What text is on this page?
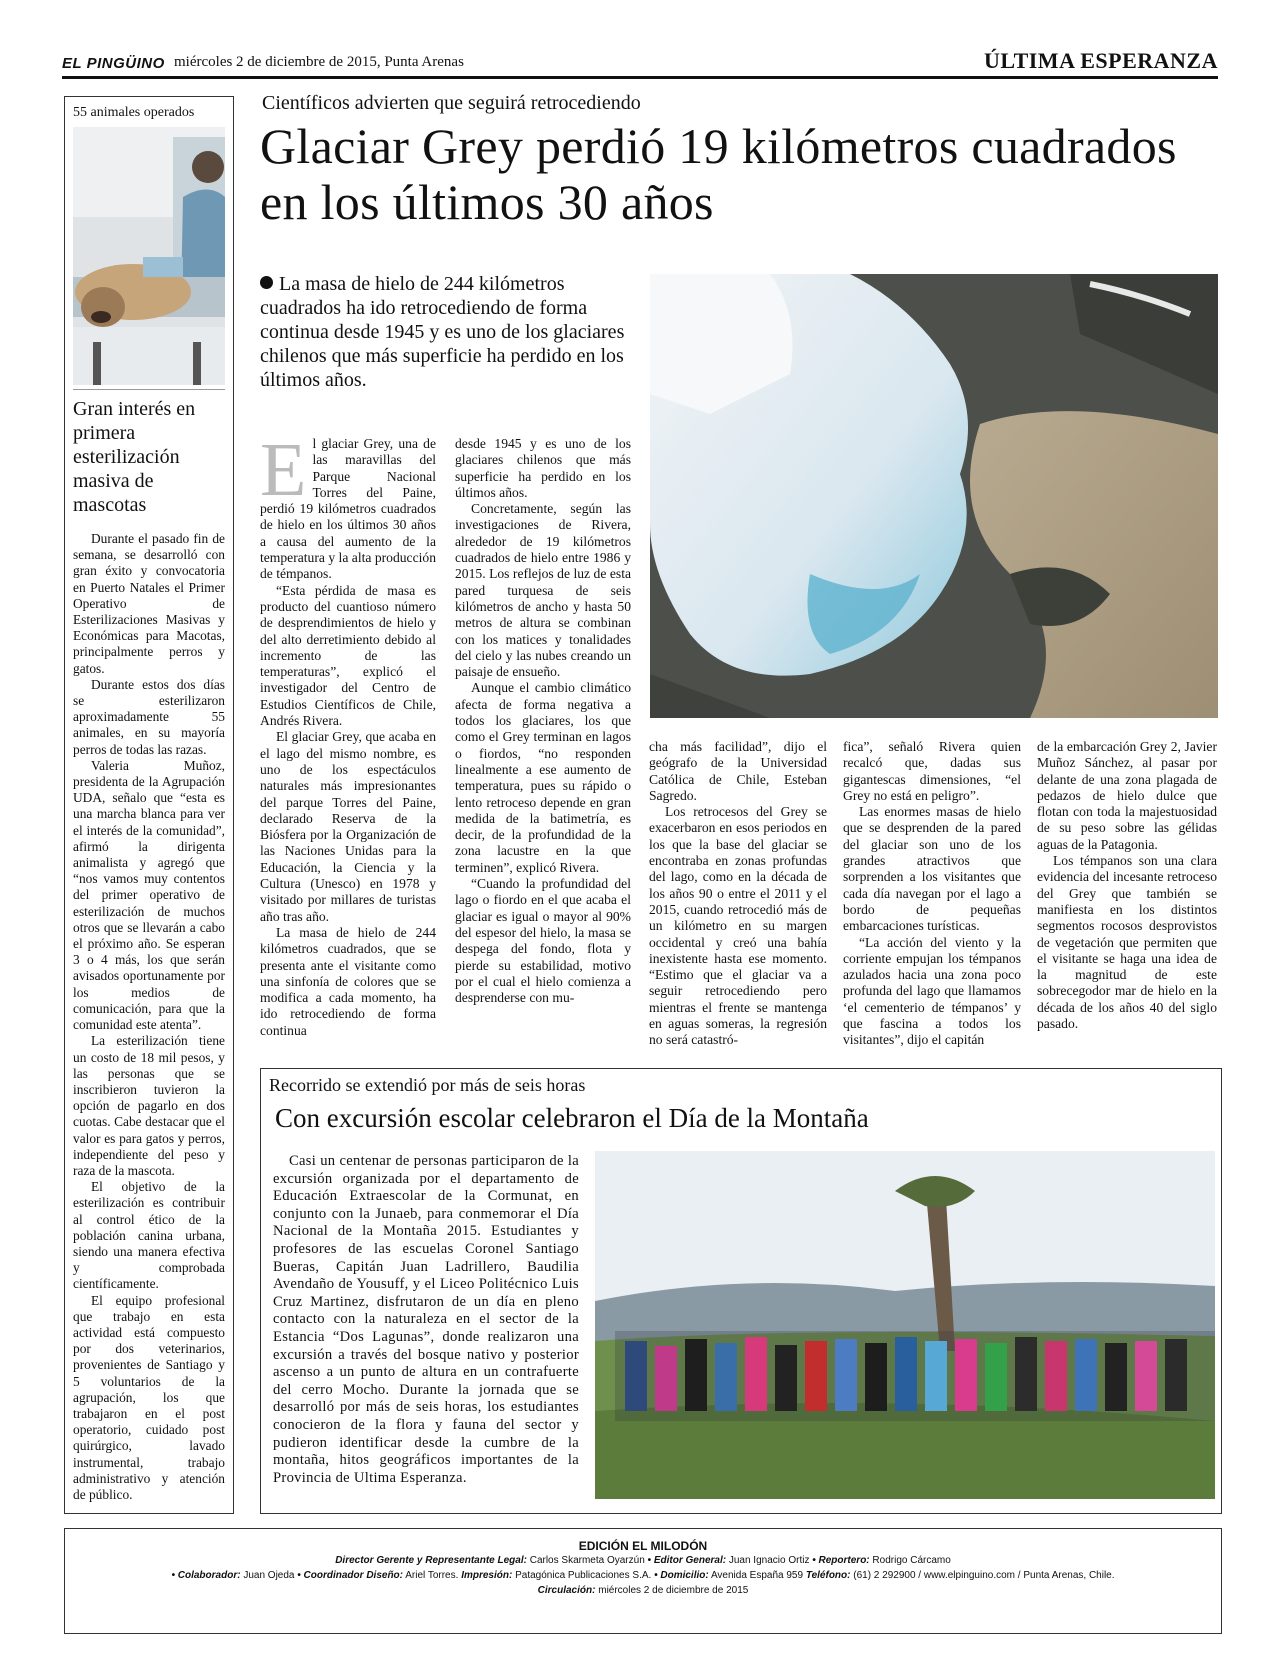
EL PINGÜINO miércoles 2 de diciembre de 2015, Punta Arenas	ÚLTIMA ESPERANZA
55 animales operados
Gran interés en primera esterilización masiva de mascotas

Durante el pasado fin de semana, se desarrolló con gran éxito y convocatoria en Puerto Natales el Primer Operativo de Esterilizaciones Masivas y Económicas para Macotas, principalmente perros y gatos.

Durante estos dos días se esterilizaron aproximadamente 55 animales, en su mayoría perros de todas las razas.

Valeria Muñoz, presidenta de la Agrupación UDA, señalo que “esta es una marcha blanca para ver el interés de la comunidad”, afirmó la dirigenta animalista y agregó que “nos vamos muy contentos del primer operativo de esterilización de muchos otros que se llevarán a cabo el próximo año. Se esperan 3 o 4 más, los que serán avisados oportunamente por los medios de comunicación, para que la comunidad este atenta”.

La esterilización tiene un costo de 18 mil pesos, y las personas que se inscribieron tuvieron la opción de pagarlo en dos cuotas. Cabe destacar que el valor es para gatos y perros, independiente del peso y raza de la mascota.

El objetivo de la esterilización es contribuir al control ético de la población canina urbana, siendo una manera efectiva y comprobada científicamente.

El equipo profesional que trabajo en esta actividad está compuesto por dos veterinarios, provenientes de Santiago y 5 voluntarios de la agrupación, los que trabajaron en el post operatorio, cuidado post quirúrgico, lavado instrumental, trabajo administrativo y atención de público.

Científicos advierten que seguirá retrocediendo
Glaciar Grey perdió 19 kilómetros cuadrados en los últimos 30 años
La masa de hielo de 244 kilómetros cuadrados ha ido retrocediendo de forma continua desde 1945 y es uno de los glaciares chilenos que más superficie ha perdido en los últimos años.
E l glaciar Grey, una de las maravillas del Parque Nacional Torres del Paine, perdió 19 kilómetros cuadrados de hielo en los últimos 30 años a causa del aumento de la temperatura y la alta producción de témpanos.

“Esta pérdida de masa es producto del cuantioso número de desprendimientos de hielo y del alto derretimiento debido al incremento de las temperaturas”, explicó el investigador del Centro de Estudios Científicos de Chile, Andrés Rivera.

El glaciar Grey, que acaba en el lago del mismo nombre, es uno de los espectáculos naturales más impresionantes del parque Torres del Paine, declarado Reserva de la Biósfera por la Organización de las Naciones Unidas para la Educación, la Ciencia y la Cultura (Unesco) en 1978 y visitado por millares de turistas año tras año.

La masa de hielo de 244 kilómetros cuadrados, que se presenta ante el visitante como una sinfonía de colores que se modifica a cada momento, ha ido retrocediendo de forma continua

desde 1945 y es uno de los glaciares chilenos que más superficie ha perdido en los últimos años.

Concretamente, según las investigaciones de Rivera, alrededor de 19 kilómetros cuadrados de hielo entre 1986 y 2015. Los reflejos de luz de esta pared turquesa de seis kilómetros de ancho y hasta 50 metros de altura se combinan con los matices y tonalidades del cielo y las nubes creando un paisaje de ensueño.

Aunque el cambio climático afecta de forma negativa a todos los glaciares, los que como el Grey terminan en lagos o fiordos, “no responden linealmente a ese aumento de temperatura, pues su rápido o lento retroceso depende en gran medida de la batimetría, es decir, de la profundidad de la zona lacustre en la que terminen”, explicó Rivera.

“Cuando la profundidad del lago o fiordo en el que acaba el glaciar es igual o mayor al 90% del espesor del hielo, la masa se despega del fondo, flota y pierde su estabilidad, motivo por el cual el hielo comienza a desprenderse con mu-

cha más facilidad”, dijo el geógrafo de la Universidad Católica de Chile, Esteban Sagredo.

Los retrocesos del Grey se exacerbaron en esos periodos en los que la base del glaciar se encontraba en zonas profundas del lago, como en la década de los años 90 o entre el 2011 y el 2015, cuando retrocedió más de un kilómetro en su margen occidental y creó una bahía inexistente hasta ese momento. “Estimo que el glaciar va a seguir retrocediendo pero mientras el frente se mantenga en aguas someras, la regresión no será catastró-

fica”, señaló Rivera quien recalcó que, dadas sus gigantescas dimensiones, “el Grey no está en peligro”.

Las enormes masas de hielo que se desprenden de la pared del glaciar son uno de los grandes atractivos que sorprenden a los visitantes que cada día navegan por el lago a bordo de pequeñas embarcaciones turísticas.

“La acción del viento y la corriente empujan los témpanos azulados hacia una zona poco profunda del lago que llamamos ‘el cementerio de témpanos’ y que fascina a todos los visitantes”, dijo el capitán

de la embarcación Grey 2, Javier Muñoz Sánchez, al pasar por delante de una zona plagada de pedazos de hielo dulce que flotan con toda la majestuosidad de su peso sobre las gélidas aguas de la Patagonia.

Los témpanos son una clara evidencia del incesante retroceso del Grey que también se manifiesta en los distintos segmentos rocosos desprovistos de vegetación que permiten que el visitante se haga una idea de la magnitud de este sobrecegodor mar de hielo en la década de los años 40 del siglo pasado.

Recorrido se extendió por más de seis horas
Con excursión escolar celebraron el Día de la Montaña

Casi un centenar de personas participaron de la excursión organizada por el departamento de Educación Extraescolar de la Cormunat, en conjunto con la Junaeb, para conmemorar el Día Nacional de la Montaña 2015. Estudiantes y profesores de las escuelas Coronel Santiago Bueras, Capitán Juan Ladrillero, Baudilia Avendaño de Yousuff, y el Liceo Politécnico Luis Cruz Martinez, disfrutaron de un día en pleno contacto con la naturaleza en el sector de la Estancia “Dos Lagunas”, donde realizaron una excursión a través del bosque nativo y posterior ascenso a un punto de altura en un contrafuerte del cerro Mocho. Durante la jornada que se desarrolló por más de seis horas, los estudiantes conocieron de la flora y fauna del sector y pudieron identificar desde la cumbre de la montaña, hitos geográficos importantes de la Provincia de Ultima Esperanza.

EDICIÓN EL MILODÓN
Director Gerente y Representante Legal: Carlos Skarmeta Oyarzún • Editor General: Juan Ignacio Ortiz • Reportero: Rodrigo Cárcamo
• Colaborador: Juan Ojeda • Coordinador Diseño: Ariel Torres. Impresión: Patagónica Publicaciones S.A. • Domicilio: Avenida España 959 Teléfono: (61) 2 292900 / www.elpinguino.com / Punta Arenas, Chile.
Circulación: miércoles 2 de diciembre de 2015
